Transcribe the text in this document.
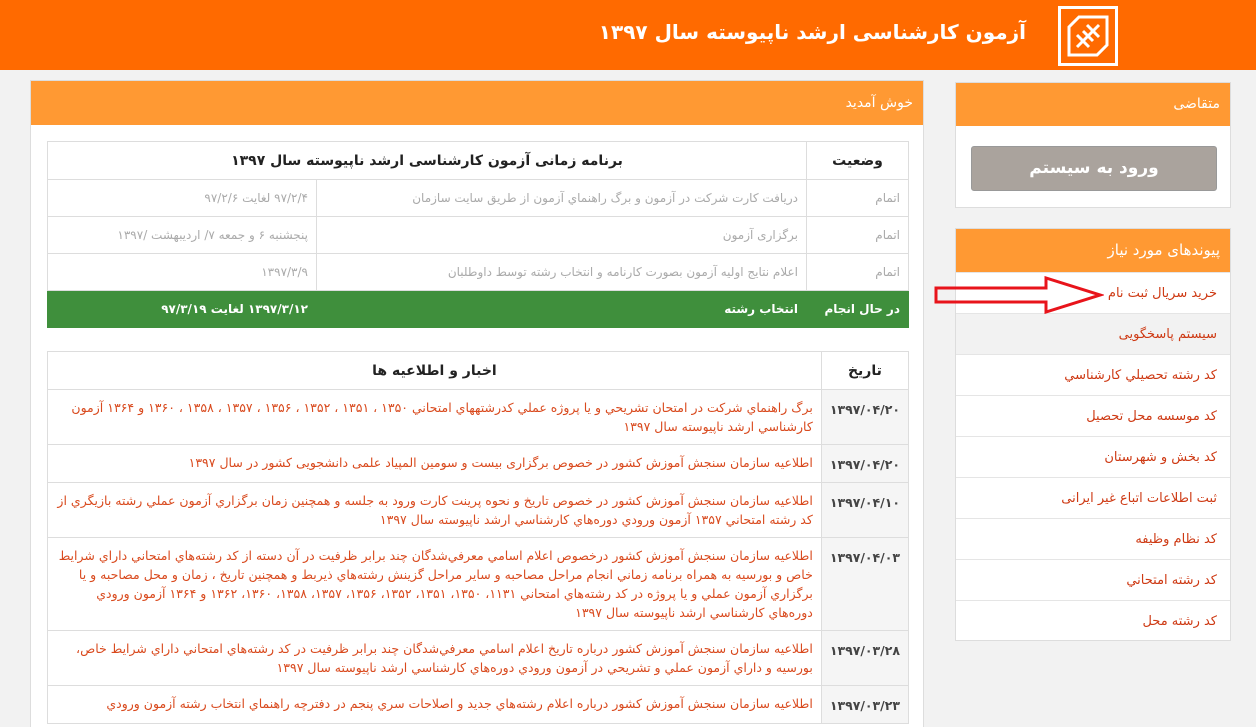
آزمون کارشناسی ارشد ناپیوسته سال ۱۳۹۷
متقاضی
ورود به سیستم
پیوندهای مورد نیاز
خرید سریال ثبت نام
سیستم پاسخگویی
کد رشته تحصيلي کارشناسي
کد موسسه محل تحصيل
کد بخش و شهرستان
ثبت اطلاعات اتباع غير ايرانی
کد نظام وظيفه
کد رشته امتحاني
کد رشته محل
خوش آمدید
وضعیت	برنامه زمانی آزمون کارشناسی ارشد ناپیوسته سال ۱۳۹۷	
اتمام	دریافت کارت شرکت در آزمون و برگ راهنماي آزمون از طريق سايت سازمان	۹۷/۲/۴ لغایت ۹۷/۲/۶
اتمام	برگزاری آزمون	پنجشنبه ۶ و جمعه ۷/ اردیبهشت /۱۳۹۷
اتمام	اعلام نتايج اوليه آزمون بصورت کارنامه و انتخاب رشته توسط داوطلبان	۱۳۹۷/۳/۹
در حال انجام	انتخاب رشته	۱۳۹۷/۳/۱۲ لغایت ۹۷/۳/۱۹
تاریخ	اخبار و اطلاعیه ها
۱۳۹۷/۰۴/۲۰	برگ راهنماي شرکت در امتحان تشريحي و يا پروژه عملي کدرشتههاي امتحاني ۱۳۵۰ ، ۱۳۵۱ ، ۱۳۵۲ ، ۱۳۵۶ ، ۱۳۵۷ ، ۱۳۵۸ ، ۱۳۶۰ و ۱۳۶۴ آزمون کارشناسي ارشد ناپيوسته سال ۱۳۹۷
۱۳۹۷/۰۴/۲۰	اطلاعیه سازمان سنجش آموزش کشور در خصوص برگزاری بیست و سومین المپیاد علمی دانشجویی کشور در سال ۱۳۹۷
۱۳۹۷/۰۴/۱۰	اطلاعيه سازمان سنجش آموزش کشور در خصوص تاريخ و نحوه پرينت كارت ورود به جلسه و همچنين زمان برگزاري آزمون عملي رشته بازيگري از كد رشته امتحاني ۱۳۵۷ آزمون ورودي دوره‌هاي کارشناسي ارشد ناپيوسته سال ۱۳۹۷
۱۳۹۷/۰۴/۰۳	اطلاعيه سازمان سنجش آموزش کشور درخصوص اعلام اسامي معرفي‌شدگان چند برابر ظرفيت در آن دسته از كد رشته‌هاي امتحاني داراي شرايط خاص و بورسيه به همراه برنامه زماني انجام مراحل مصاحبه و ساير مراحل گزينش رشته‌هاي ذيربط و همچنين تاريخ ، زمان و محل مصاحبه و يا برگزاري آزمون عملي و يا پروژه در كد رشته‌هاي امتحاني ۱۱۳۱، ۱۳۵۰، ۱۳۵۱، ۱۳۵۲، ۱۳۵۶، ۱۳۵۷، ۱۳۵۸، ۱۳۶۰، ۱۳۶۲ و ۱۳۶۴ آزمون ورودي دوره‌هاي كارشناسي ارشد ناپيوسته سال ۱۳۹۷
۱۳۹۷/۰۳/۲۸	اطلاعيه سازمان سنجش آموزش كشور درباره تاريخ اعلام اسامي معرفي‌شدگان چند برابر ظرفيت در كد رشته‌هاي امتحاني داراي شرايط خاص، بورسيه و داراي آزمون عملي و تشريحي در آزمون ورودي دوره‌هاي كارشناسي ارشد ناپيوسته سال ۱۳۹۷
۱۳۹۷/۰۳/۲۳	اطلاعيه سازمان سنجش آموزش كشور درباره اعلام رشته‌هاي جديد و اصلاحات سري پنجم در دفترچه راهنماي انتخاب رشته آزمون ورودي
